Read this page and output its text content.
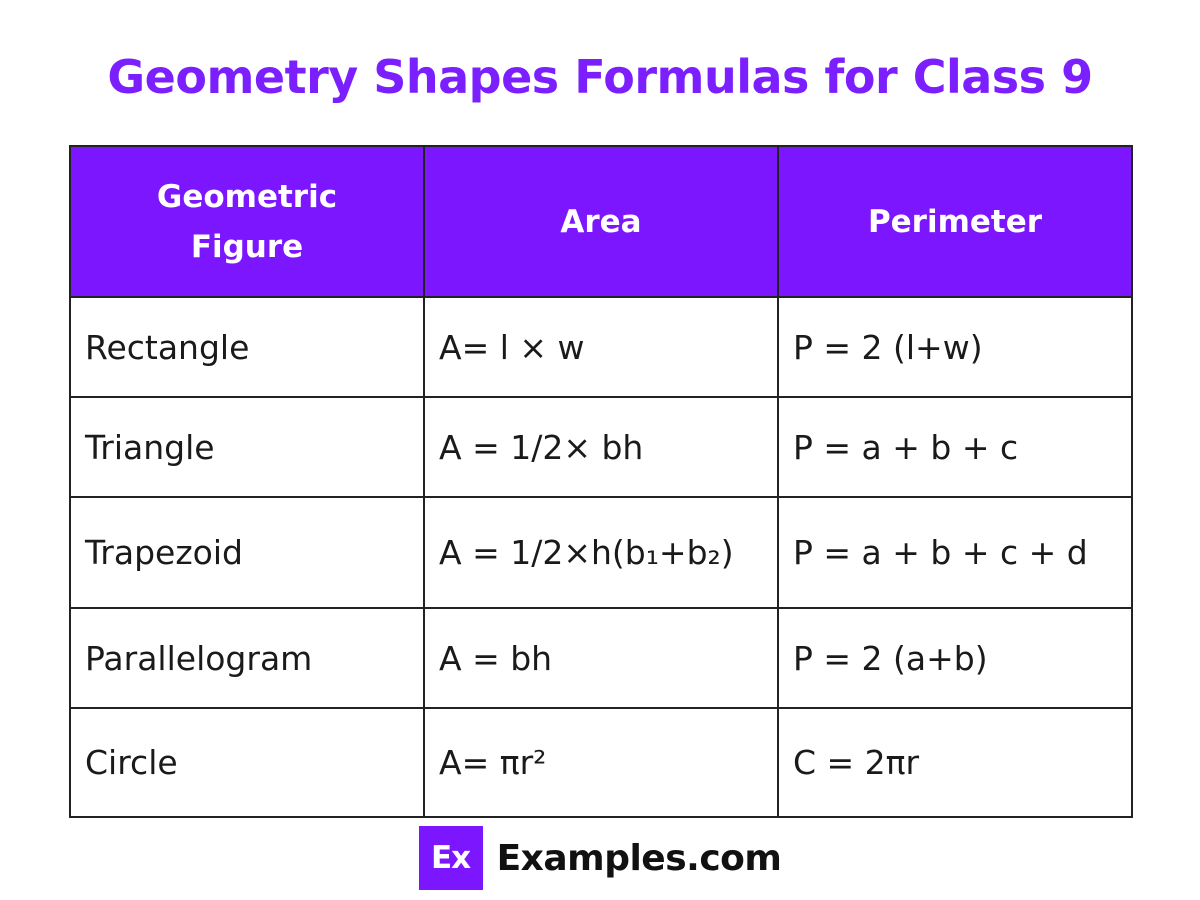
Geometry Shapes Formulas for Class 9
Geometric
Figure	Area	Perimeter
Rectangle	A= l × w	P = 2 (l+w)
Triangle	A = 1/2× bh	P = a + b + c
Trapezoid	A = 1/2×h(b₁+b₂)	P = a + b + c + d
Parallelogram	A = bh	P = 2 (a+b)
Circle	A= πr²	C = 2πr
Ex Examples.com
